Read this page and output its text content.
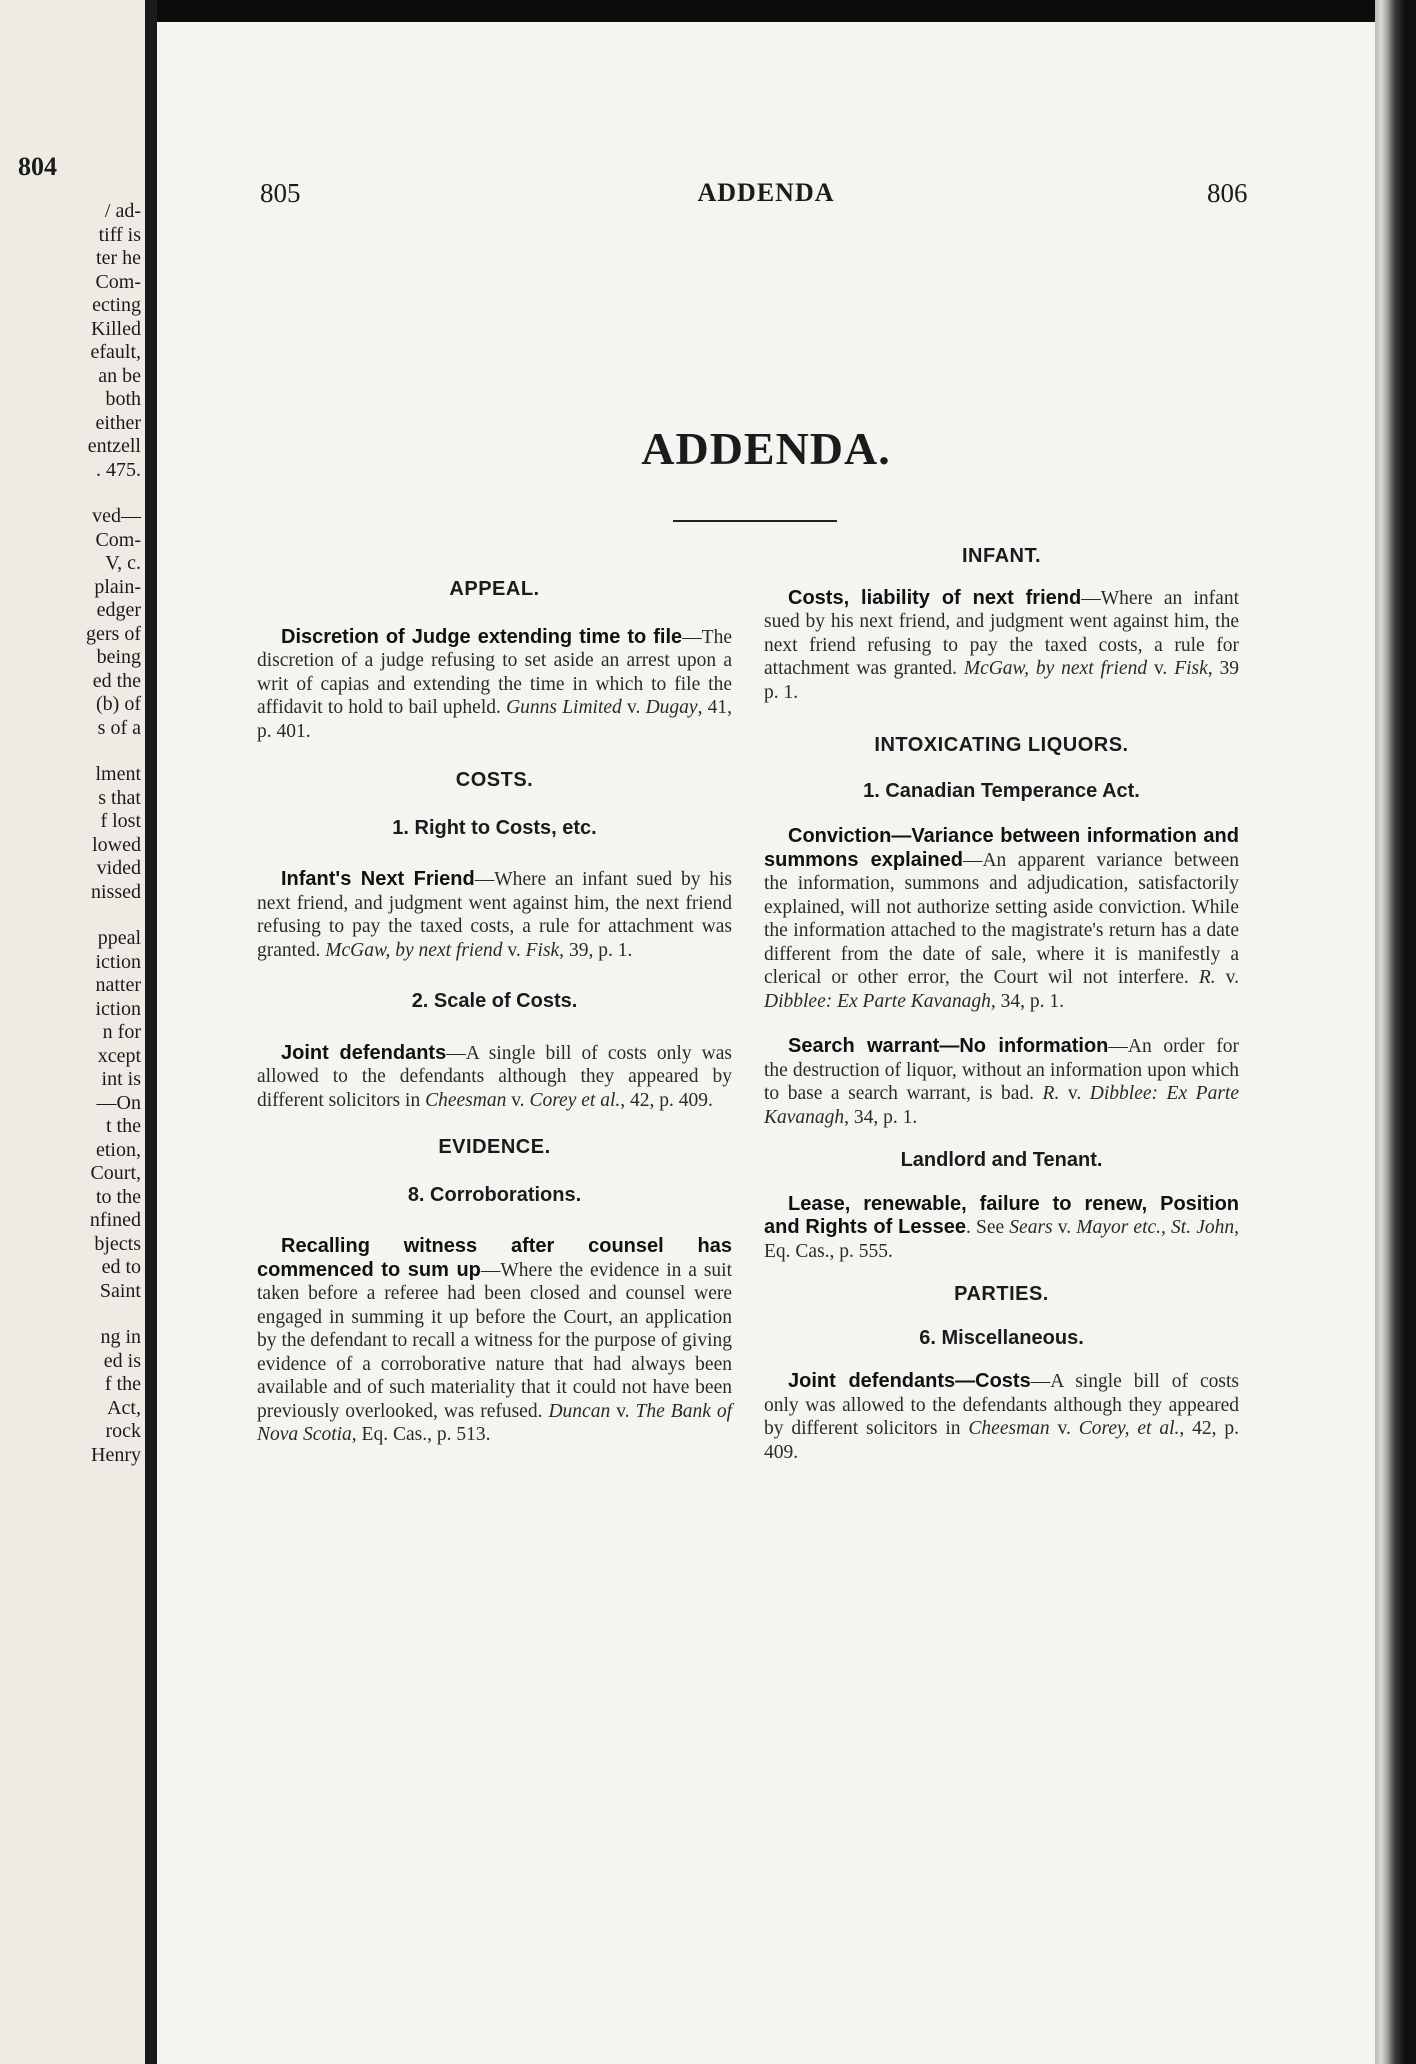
804
/ ad-
tiff is
ter he
Com-
ecting
Killed
efault,
an be
both
either
entzell
. 475.
ved—
Com-
V, c.
plain-
edger
gers of
being
ed the
(b) of
s of a
lment
s that
f lost
lowed
vided
nissed
ppeal
iction
natter
iction
n for
xcept
int is
—On
t the
etion,
Court,
to the
nfined
bjects
ed to
Saint
ng in
ed is
f the
Act,
rock
Henry
805	ADDENDA	806
ADDENDA.

APPEAL.

Discretion of Judge extending time to file—The discretion of a judge refusing to set aside an arrest upon a writ of capias and extending the time in which to file the affidavit to hold to bail upheld. Gunns Limited v. Dugay, 41, p. 401.

COSTS.

1. Right to Costs, etc.

Infant's Next Friend—Where an infant sued by his next friend, and judgment went against him, the next friend refusing to pay the taxed costs, a rule for attachment was granted. McGaw, by next friend v. Fisk, 39, p. 1.

2. Scale of Costs.

Joint defendants—A single bill of costs only was allowed to the defendants although they appeared by different solicitors in Cheesman v. Corey et al., 42, p. 409.

EVIDENCE.

8. Corroborations.

Recalling witness after counsel has commenced to sum up—Where the evidence in a suit taken before a referee had been closed and counsel were engaged in summing it up before the Court, an application by the defendant to recall a witness for the purpose of giving evidence of a corroborative nature that had always been available and of such materiality that it could not have been previously overlooked, was refused. Duncan v. The Bank of Nova Scotia, Eq. Cas., p. 513.

INFANT.

Costs, liability of next friend—Where an infant sued by his next friend, and judgment went against him, the next friend refusing to pay the taxed costs, a rule for attachment was granted. McGaw, by next friend v. Fisk, 39 p. 1.

INTOXICATING LIQUORS.

1. Canadian Temperance Act.

Conviction—Variance between information and summons explained—An apparent variance between the information, summons and adjudication, satisfactorily explained, will not authorize setting aside conviction. While the information attached to the magistrate's return has a date different from the date of sale, where it is manifestly a clerical or other error, the Court wil not interfere. R. v. Dibblee: Ex Parte Kavanagh, 34, p. 1.

Search warrant—No information—An order for the destruction of liquor, without an information upon which to base a search warrant, is bad. R. v. Dibblee: Ex Parte Kavanagh, 34, p. 1.

Landlord and Tenant.

Lease, renewable, failure to renew, Position and Rights of Lessee. See Sears v. Mayor etc., St. John, Eq. Cas., p. 555.

PARTIES.

6. Miscellaneous.

Joint defendants—Costs—A single bill of costs only was allowed to the defendants although they appeared by different solicitors in Cheesman v. Corey, et al., 42, p. 409.
